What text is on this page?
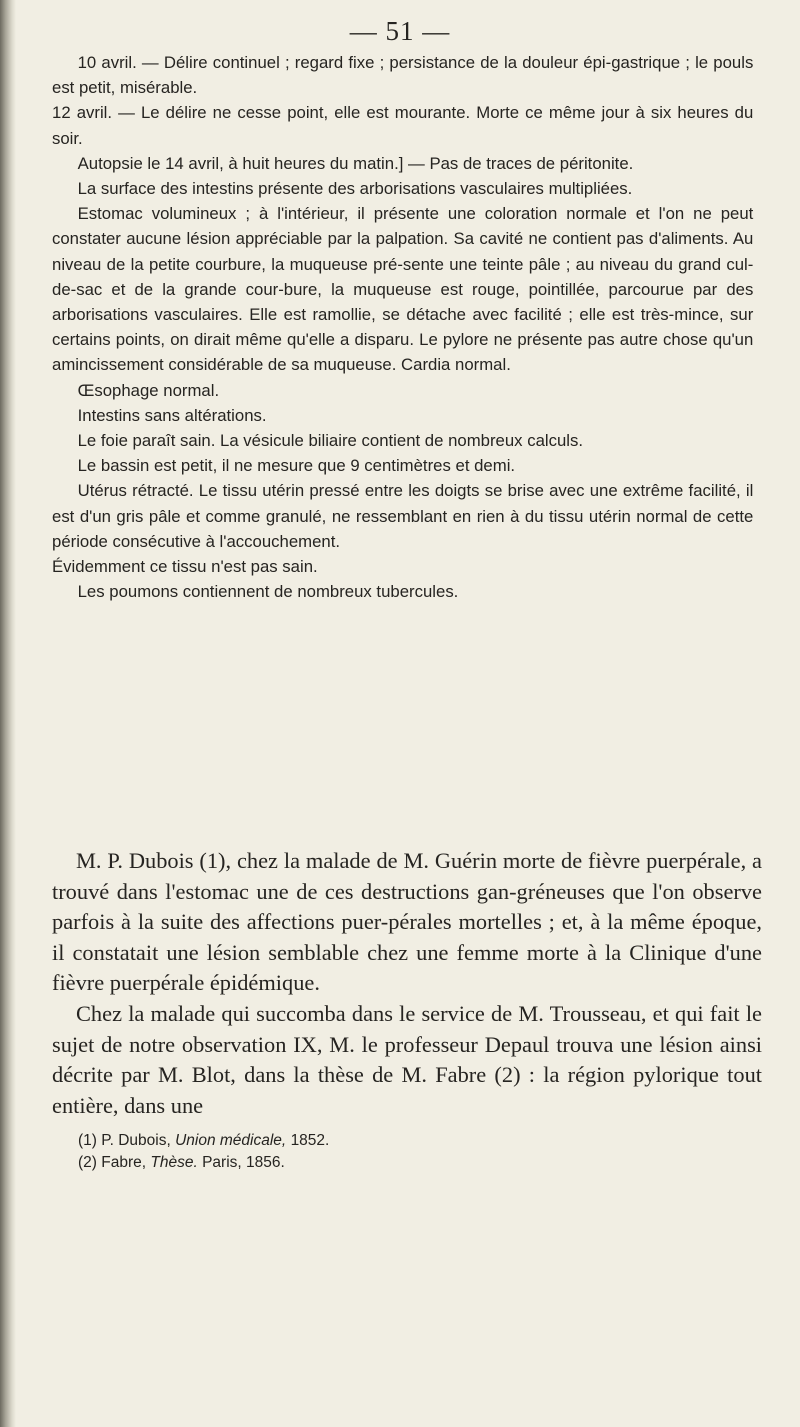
— 51 —

10 avril. — Délire continuel ; regard fixe ; persistance de la douleur épi-gastrique ; le pouls est petit, misérable.

12 avril. — Le délire ne cesse point, elle est mourante. Morte ce même jour à six heures du soir.

Autopsie le 14 avril, à huit heures du matin.] — Pas de traces de péritonite.

La surface des intestins présente des arborisations vasculaires multipliées.

Estomac volumineux ; à l'intérieur, il présente une coloration normale et l'on ne peut constater aucune lésion appréciable par la palpation. Sa cavité ne contient pas d'aliments. Au niveau de la petite courbure, la muqueuse pré-sente une teinte pâle ; au niveau du grand cul-de-sac et de la grande cour-bure, la muqueuse est rouge, pointillée, parcourue par des arborisations vasculaires. Elle est ramollie, se détache avec facilité ; elle est très-mince, sur certains points, on dirait même qu'elle a disparu. Le pylore ne présente pas autre chose qu'un amincissement considérable de sa muqueuse. Cardia normal.

Œsophage normal.

Intestins sans altérations.

Le foie paraît sain. La vésicule biliaire contient de nombreux calculs.

Le bassin est petit, il ne mesure que 9 centimètres et demi.

Utérus rétracté. Le tissu utérin pressé entre les doigts se brise avec une extrême facilité, il est d'un gris pâle et comme granulé, ne ressemblant en rien à du tissu utérin normal de cette période consécutive à l'accouchement.

Évidemment ce tissu n'est pas sain.

Les poumons contiennent de nombreux tubercules.

M. P. Dubois (1), chez la malade de M. Guérin morte de fièvre puerpérale, a trouvé dans l'estomac une de ces destructions gan-gréneuses que l'on observe parfois à la suite des affections puer-pérales mortelles ; et, à la même époque, il constatait une lésion semblable chez une femme morte à la Clinique d'une fièvre puerpérale épidémique.

Chez la malade qui succomba dans le service de M. Trousseau, et qui fait le sujet de notre observation IX, M. le professeur Depaul trouva une lésion ainsi décrite par M. Blot, dans la thèse de M. Fabre (2) : la région pylorique tout entière, dans une

(1) P. Dubois, Union médicale, 1852.

(2) Fabre, Thèse. Paris, 1856.
